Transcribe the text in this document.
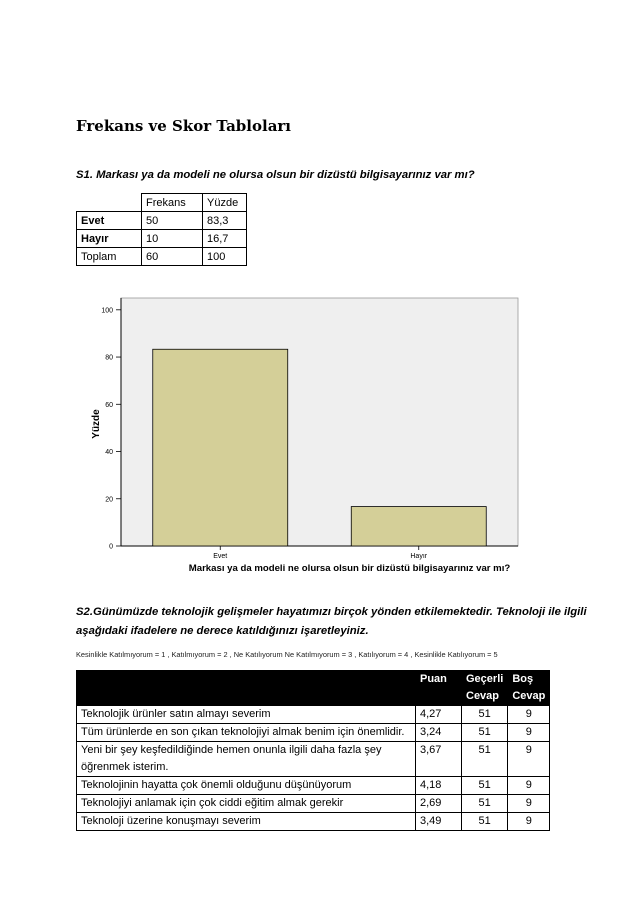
Frekans ve Skor Tabloları
S1. Markası ya da modeli ne olursa olsun bir dizüstü bilgisayarınız var mı?
	Frekans	Yüzde
Evet	50	83,3
Hayır	10	16,7
Toplam	60	100
0
20
40
60
80
100
Evet	Hayır
Yüzde
Markası ya da modeli ne olursa olsun bir dizüstü bilgisayarınız var mı?
S2.Günümüzde teknolojik gelişmeler hayatımızı birçok yönden etkilemektedir. Teknoloji ile ilgili
aşağıdaki ifadelere ne derece katıldığınızı işaretleyiniz.
Kesinlikle Katılmıyorum = 1 , Katılmıyorum = 2 , Ne Katılıyorum Ne Katılmıyorum = 3 , Katılıyorum = 4 , Kesinlikle Katılıyorum = 5
	Puan	Geçerli Cevap	Boş Cevap
Teknolojik ürünler satın almayı severim	4,27	51	9
Tüm ürünlerde en son çıkan teknolojiyi almak benim için önemlidir.	3,24	51	9
Yeni bir şey keşfedildiğinde hemen onunla ilgili daha fazla şey öğrenmek isterim.	3,67	51	9
Teknolojinin hayatta çok önemli olduğunu düşünüyorum	4,18	51	9
Teknolojiyi anlamak için çok ciddi eğitim almak gerekir	2,69	51	9
Teknoloji üzerine konuşmayı severim	3,49	51	9
